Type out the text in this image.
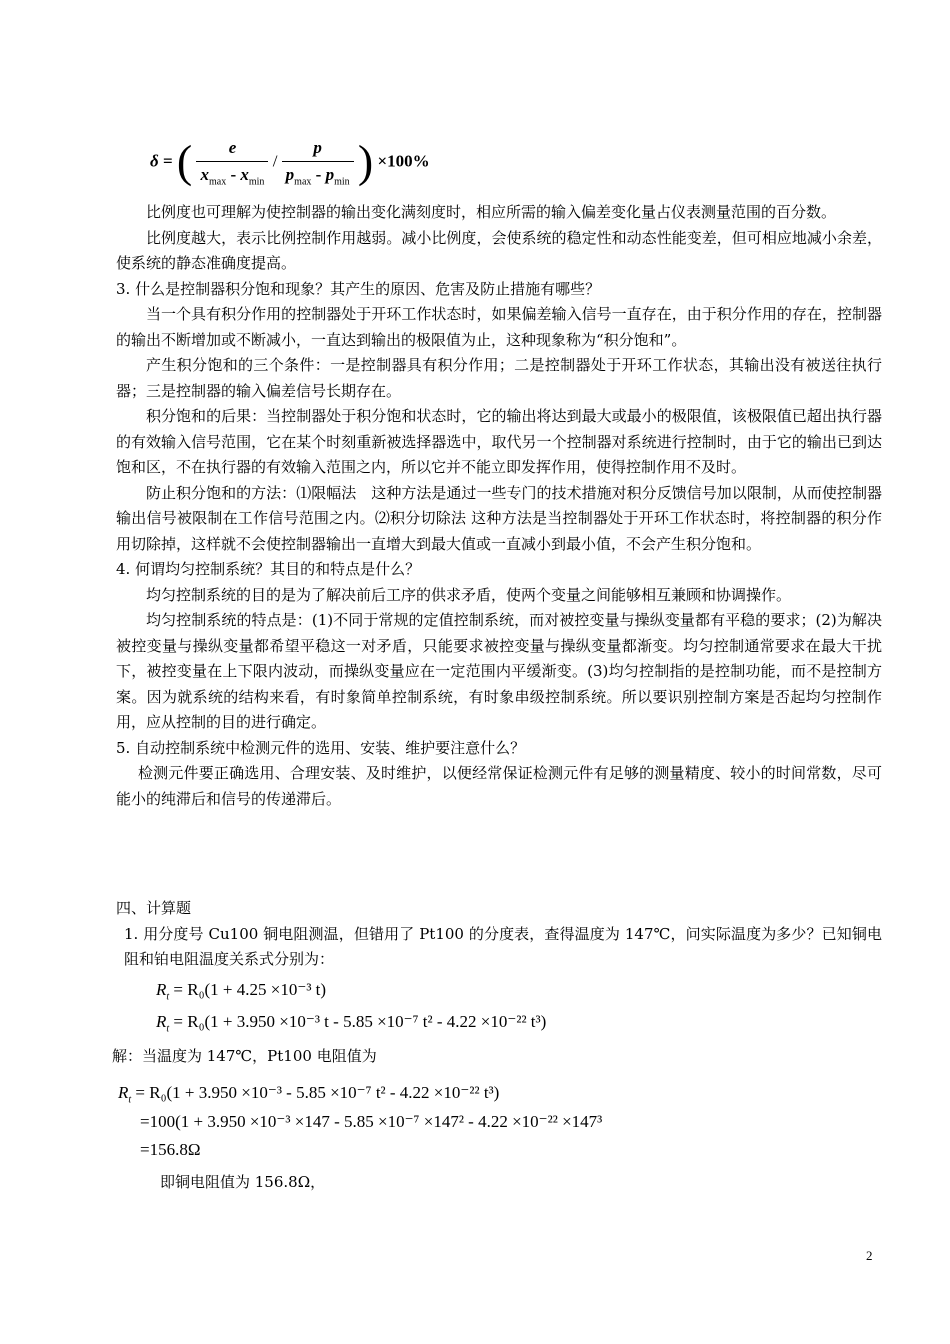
δ = ( $\frac{e}{x_{max} - x_{min}} / \frac{p}{p_{max} - p_{min}}$ ) ×100%

比例度也可理解为使控制器的输出变化满刻度时，相应所需的输入偏差变化量占仪表测量范围的百分数。

比例度越大，表示比例控制作用越弱。减小比例度，会使系统的稳定性和动态性能变差，但可相应地减小余差，使系统的静态准确度提高。

3. 什么是控制器积分饱和现象？其产生的原因、危害及防止措施有哪些？

当一个具有积分作用的控制器处于开环工作状态时，如果偏差输入信号一直存在，由于积分作用的存在，控制器的输出不断增加或不断减小，一直达到输出的极限值为止，这种现象称为“积分饱和”。

产生积分饱和的三个条件：一是控制器具有积分作用；二是控制器处于开环工作状态，其输出没有被送往执行器；三是控制器的输入偏差信号长期存在。

积分饱和的后果：当控制器处于积分饱和状态时，它的输出将达到最大或最小的极限值，该极限值已超出执行器的有效输入信号范围，它在某个时刻重新被选择器选中，取代另一个控制器对系统进行控制时，由于它的输出已到达饱和区，不在执行器的有效输入范围之内，所以它并不能立即发挥作用，使得控制作用不及时。

防止积分饱和的方法：⑴限幅法　这种方法是通过一些专门的技术措施对积分反馈信号加以限制，从而使控制器输出信号被限制在工作信号范围之内。⑵积分切除法 这种方法是当控制器处于开环工作状态时，将控制器的积分作用切除掉，这样就不会使控制器输出一直增大到最大值或一直减小到最小值，不会产生积分饱和。

4. 何谓均匀控制系统？其目的和特点是什么？

均匀控制系统的目的是为了解决前后工序的供求矛盾，使两个变量之间能够相互兼顾和协调操作。

均匀控制系统的特点是：(1)不同于常规的定值控制系统，而对被控变量与操纵变量都有平稳的要求；(2)为解决被控变量与操纵变量都希望平稳这一对矛盾，只能要求被控变量与操纵变量都渐变。均匀控制通常要求在最大干扰下，被控变量在上下限内波动，而操纵变量应在一定范围内平缓渐变。(3)均匀控制指的是控制功能，而不是控制方案。因为就系统的结构来看，有时象简单控制系统，有时象串级控制系统。所以要识别控制方案是否起均匀控制作用，应从控制的目的进行确定。

5. 自动控制系统中检测元件的选用、安装、维护要注意什么？

检测元件要正确选用、合理安装、及时维护，以便经常保证检测元件有足够的测量精度、较小的时间常数，尽可能小的纯滞后和信号的传递滞后。

四、计算题

1. 用分度号 Cu100 铜电阻测温，但错用了 Pt100 的分度表，查得温度为 147℃，问实际温度为多少？已知铜电阻和铂电阻温度关系式分别为：

$R_t = R_0(1 + 4.25 \times 10^{-3}$ t)
$R_t = R_0(1 + 3.950 \times 10^{-3}$ t - 5.85 ×10⁻⁷ t² - 4.22 ×10⁻²² t³)

解：当温度为 147℃，Pt100 电阻值为

$R_t = R_0(1 + 3.950 \times 10^{-3} - 5.85 \times 10^{-7}$ t² - 4.22 ×10⁻²² t³)
=100(1 + 3.950 ×10⁻³ ×147 - 5.85 ×10⁻⁷ ×147² - 4.22 ×10⁻²² ×147³
=156.8Ω

即铜电阻值为 156.8Ω，

2
